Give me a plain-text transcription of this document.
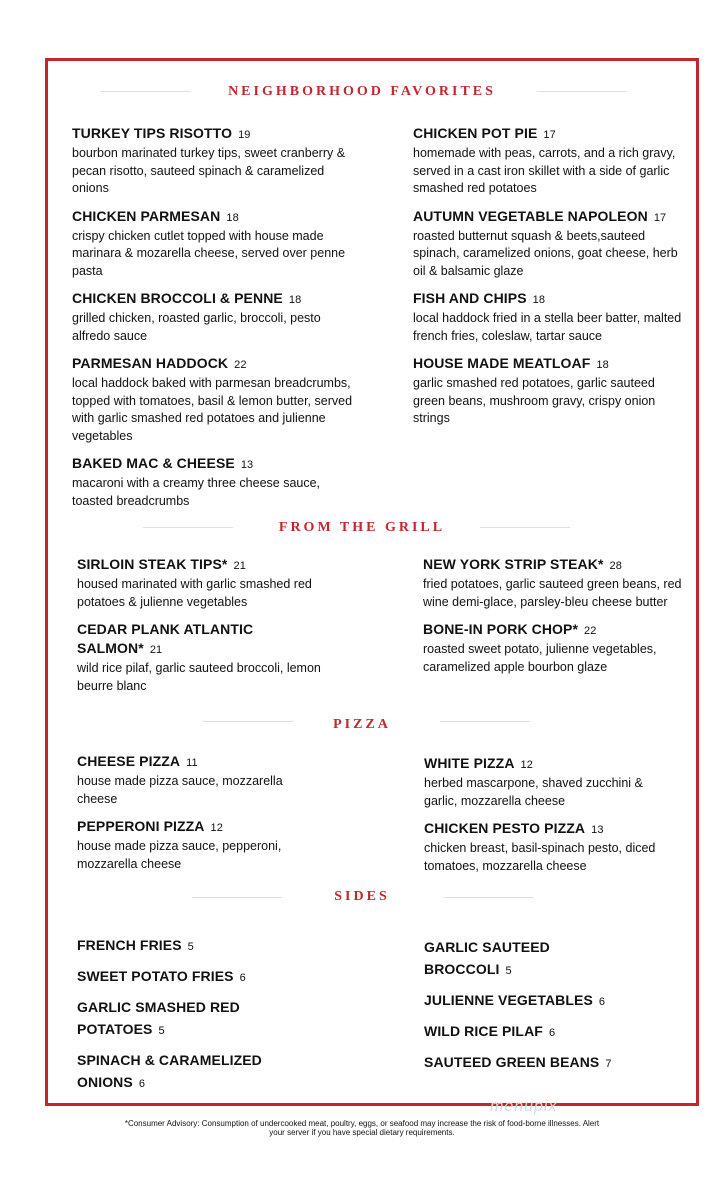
NEIGHBORHOOD FAVORITES
TURKEY TIPS RISOTTO 19
bourbon marinated turkey tips, sweet cranberry & pecan risotto, sauteed spinach & caramelized onions
CHICKEN PARMESAN 18
crispy chicken cutlet topped with house made marinara & mozarella cheese, served over penne pasta
CHICKEN BROCCOLI & PENNE 18
grilled chicken, roasted garlic, broccoli, pesto alfredo sauce
PARMESAN HADDOCK 22
local haddock baked with parmesan breadcrumbs, topped with tomatoes, basil & lemon butter, served with garlic smashed red potatoes and julienne vegetables
BAKED MAC & CHEESE 13
macaroni with a creamy three cheese sauce, toasted breadcrumbs
CHICKEN POT PIE 17
homemade with peas, carrots, and a rich gravy, served in a cast iron skillet with a side of garlic smashed red potatoes
AUTUMN VEGETABLE NAPOLEON 17
roasted butternut squash & beets,sauteed spinach, caramelized onions, goat cheese, herb oil & balsamic glaze
FISH AND CHIPS 18
local haddock fried in a stella beer batter, malted french fries, coleslaw, tartar sauce
HOUSE MADE MEATLOAF 18
garlic smashed red potatoes, garlic sauteed green beans, mushroom gravy, crispy onion strings
FROM THE GRILL
SIRLOIN STEAK TIPS* 21
housed marinated with garlic smashed red potatoes & julienne vegetables
CEDAR PLANK ATLANTIC SALMON* 21
wild rice pilaf, garlic sauteed broccoli, lemon beurre blanc
NEW YORK STRIP STEAK* 28
fried potatoes, garlic sauteed green beans, red wine demi-glace, parsley-bleu cheese butter
BONE-IN PORK CHOP* 22
roasted sweet potato, julienne vegetables, caramelized apple bourbon glaze
PIZZA
CHEESE PIZZA 11
house made pizza sauce, mozzarella cheese
PEPPERONI PIZZA 12
house made pizza sauce, pepperoni, mozzarella cheese
WHITE PIZZA 12
herbed mascarpone, shaved zucchini & garlic, mozzarella cheese
CHICKEN PESTO PIZZA 13
chicken breast, basil-spinach pesto, diced tomatoes, mozzarella cheese
SIDES
FRENCH FRIES 5
SWEET POTATO FRIES 6
GARLIC SMASHED RED POTATOES 5
SPINACH & CARAMELIZED ONIONS 6
GARLIC SAUTEED BROCCOLI 5
JULIENNE VEGETABLES 6
WILD RICE PILAF 6
SAUTEED GREEN BEANS 7
menupix
*Consumer Advisory: Consumption of undercooked meat, poultry, eggs, or seafood may increase the risk of food-borne illnesses. Alert your server if you have special dietary requirements.
